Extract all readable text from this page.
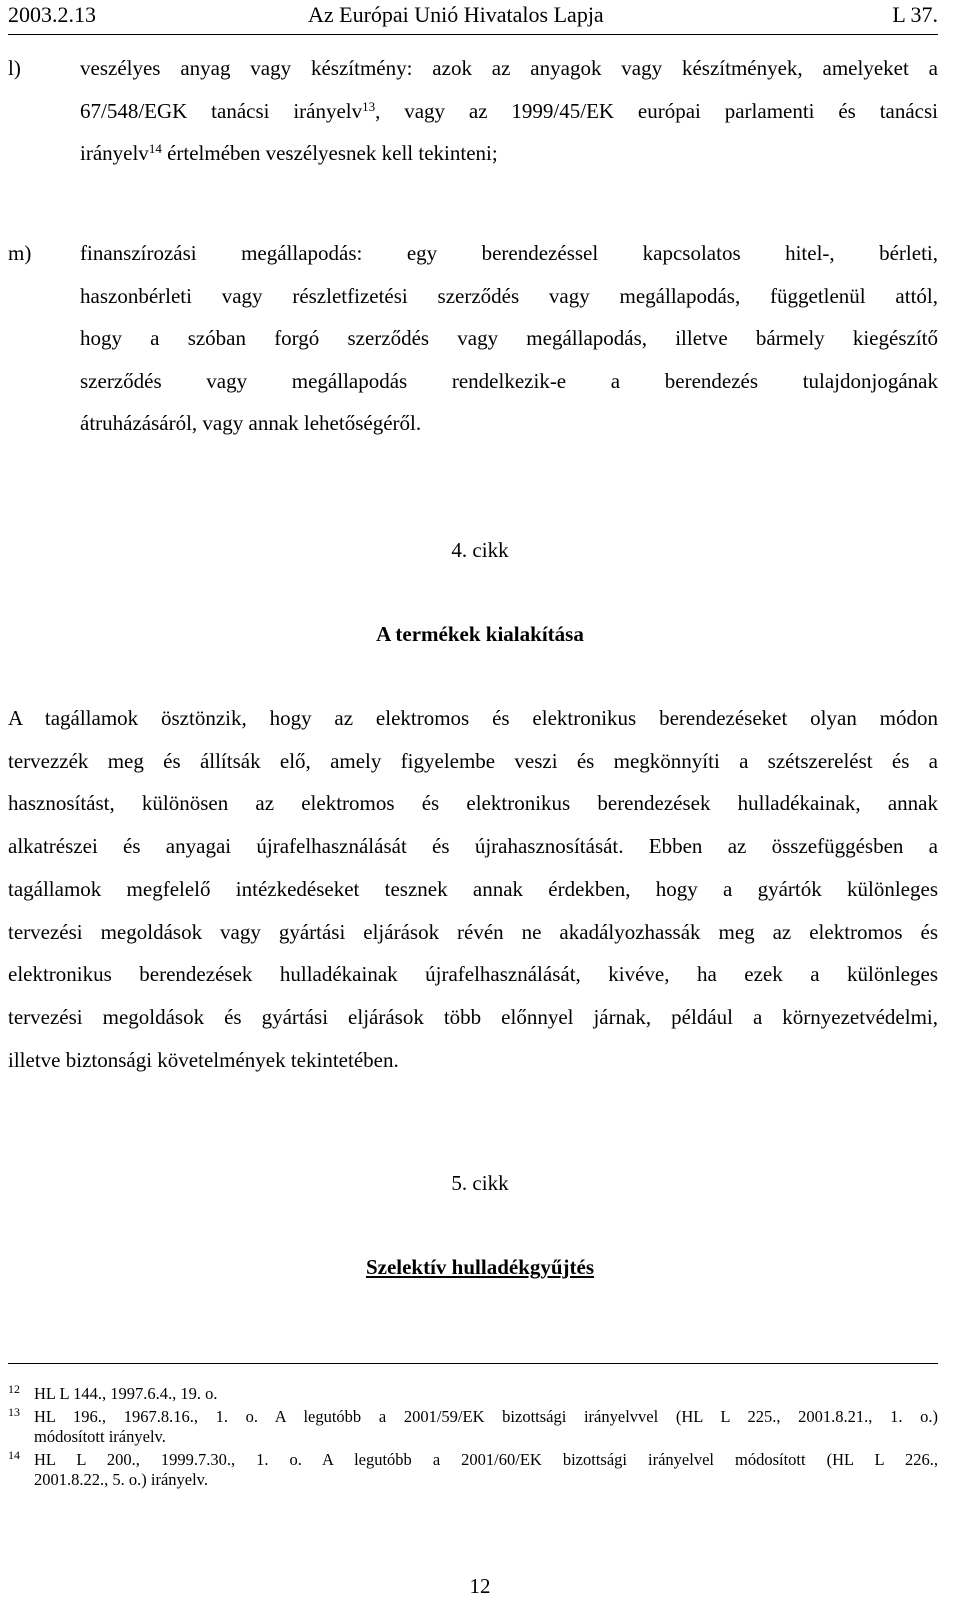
2003.2.13	Az Európai Unió Hivatalos Lapja	L 37.
l)	veszélyes anyag vagy készítmény: azok az anyagok vagy készítmények, amelyeket a
67/548/EGK tanácsi irányelv$^{13}$, vagy az 1999/45/EK európai parlamenti és tanácsi
irányelv$^{14}$ értelmében veszélyesnek kell tekinteni;
m) finanszírozási megállapodás: egy berendezéssel kapcsolatos hitel-, bérleti,
haszonbérleti vagy részletfizetési szerződés vagy megállapodás, függetlenül attól,
hogy a szóban forgó szerződés vagy megállapodás, illetve bármely kiegészítő
szerződés vagy megállapodás rendelkezik-e a berendezés tulajdonjogának
átruházásáról, vagy annak lehetőségéről.
4. cikk
A termékek kialakítása
A tagállamok ösztönzik, hogy az elektromos és elektronikus berendezéseket olyan módon
tervezzék meg és állítsák elő, amely figyelembe veszi és megkönnyíti a szétszerelést és a
hasznosítást, különösen az elektromos és elektronikus berendezések hulladékainak, annak
alkatrészei és anyagai újrafelhasználását és újrahasznosítását. Ebben az összefüggésben a
tagállamok megfelelő intézkedéseket tesznek annak érdekben, hogy a gyártók különleges
tervezési megoldások vagy gyártási eljárások révén ne akadályozhassák meg az elektromos és
elektronikus berendezések hulladékainak újrafelhasználását, kivéve, ha ezek a különleges
tervezési megoldások és gyártási eljárások több előnnyel járnak, például a környezetvédelmi,
illetve biztonsági követelmények tekintetében.
5. cikk
Szelektív hulladékgyűjtés
12 HL L 144., 1997.6.4., 19. o.
13 HL 196., 1967.8.16., 1. o. A legutóbb a 2001/59/EK bizottsági irányelvvel (HL L 225., 2001.8.21., 1. o.)
módosított irányelv.
14 HL L 200., 1999.7.30., 1. o. A legutóbb a 2001/60/EK bizottsági irányelvel módosított (HL L 226.,
2001.8.22., 5. o.) irányelv.
12
